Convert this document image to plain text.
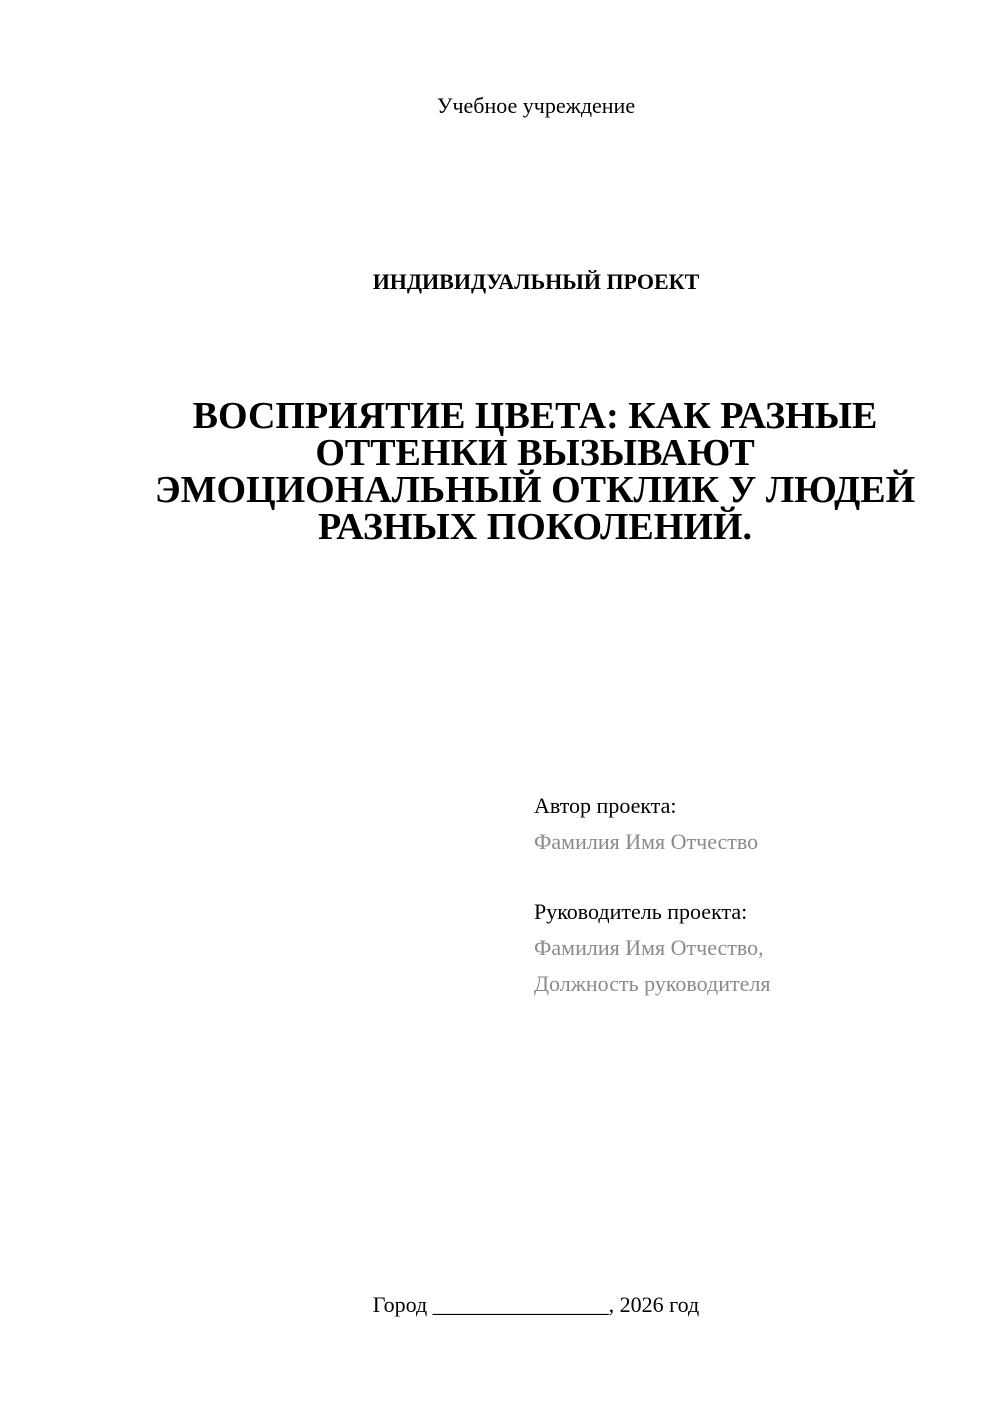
Учебное учреждение
ИНДИВИДУАЛЬНЫЙ ПРОЕКТ
ВОСПРИЯТИЕ ЦВЕТА: КАК РАЗНЫЕ
ОТТЕНКИ ВЫЗЫВАЮТ
ЭМОЦИОНАЛЬНЫЙ ОТКЛИК У ЛЮДЕЙ
РАЗНЫХ ПОКОЛЕНИЙ.
Автор проекта:
Фамилия Имя Отчество
Руководитель проекта:
Фамилия Имя Отчество,
Должность руководителя
Город ________________, 2026 год
